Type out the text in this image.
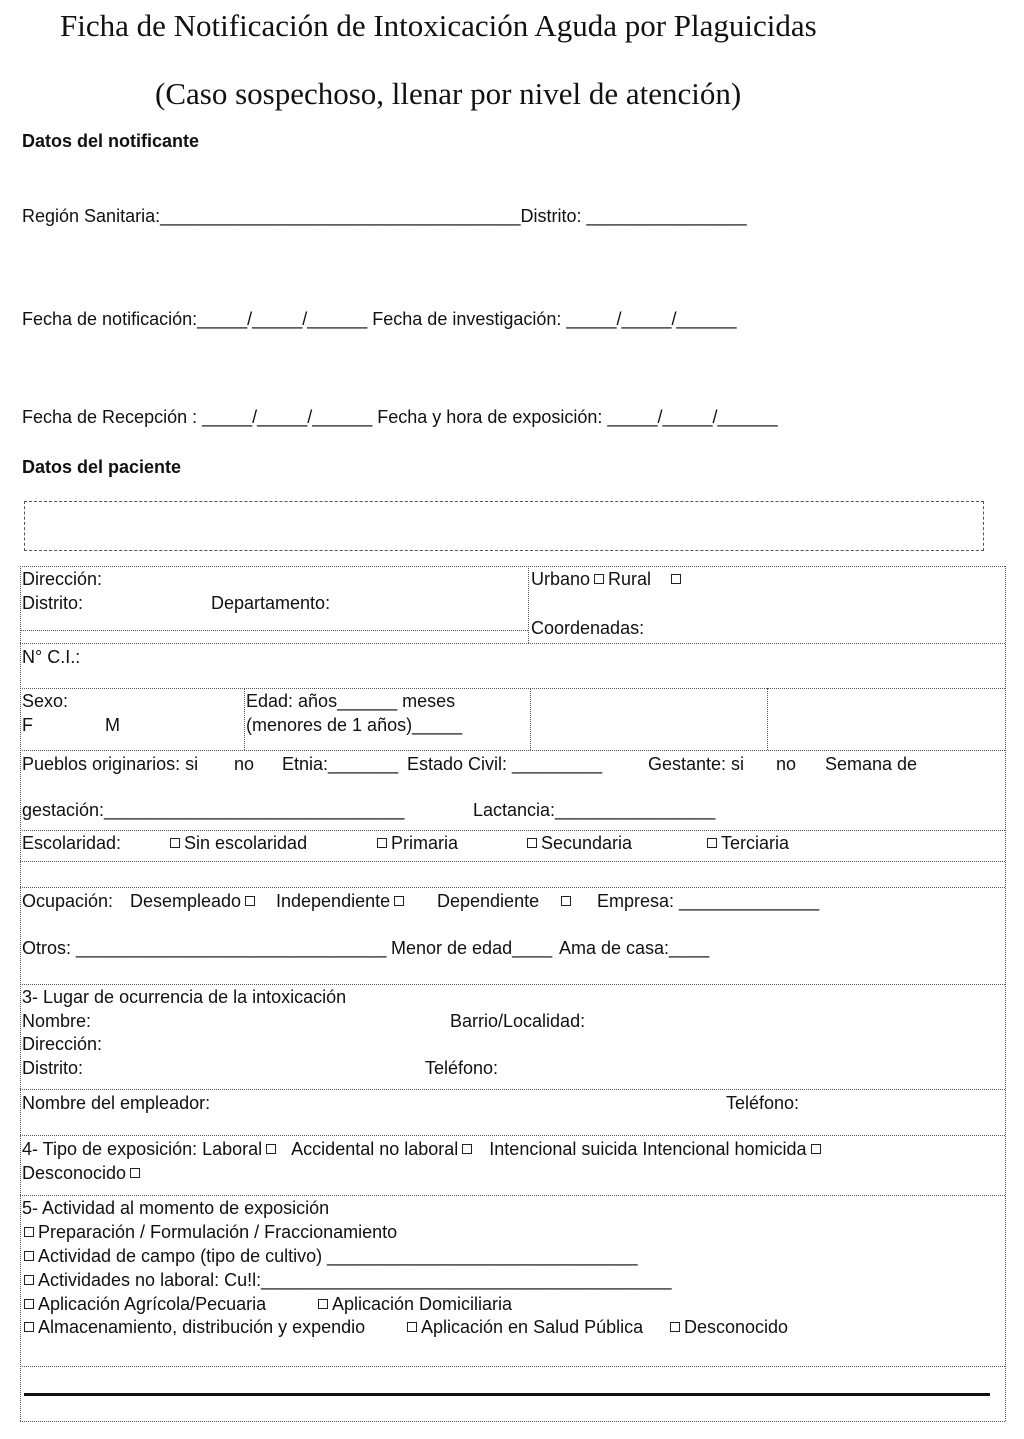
Ficha de Notificación de Intoxicación Aguda por Plaguicidas
(Caso sospechoso, llenar por nivel de atención)
Datos del notificante
Región Sanitaria:____________________________________Distrito: ________________
Fecha de notificación:_____/_____/______ Fecha de investigación: _____/_____/______
Fecha de Recepción : _____/_____/______ Fecha y hora de exposición: _____/_____/______
Datos del paciente
Dirección:
Distrito:	Departamento:
Urbano Rural
Coordenadas:
N° C.I.:
Sexo:
F	M
Edad: años______ meses
(menores de 1 años)_____
Pueblos originarios: si no Etnia:_______ Estado Civil: _________	Gestante: si no Semana de
gestación:______________________________	Lactancia:________________
Escolaridad:	Sin escolaridad	Primaria	Secundaria	Terciaria
Ocupación: Desempleado	Independiente	Dependiente	Empresa: ______________
Otros: _______________________________ Menor de edad____ Ama de casa:____
3- Lugar de ocurrencia de la intoxicación
Nombre:	Barrio/Localidad:
Dirección:
Distrito:	Teléfono:
Nombre del empleador:	Teléfono:
4- Tipo de exposición: Laboral Accidental no laboral Intencional suicida Intencional homicida
Desconocido
5- Actividad al momento de exposición
Preparación / Formulación / Fraccionamiento
Actividad de campo (tipo de cultivo) _______________________________
Actividades no laboral: Cu!l:_________________________________________
Aplicación Agrícola/Pecuaria	Aplicación Domiciliaria
Almacenamiento, distribución y expendio	Aplicación en Salud Pública	Desconocido
